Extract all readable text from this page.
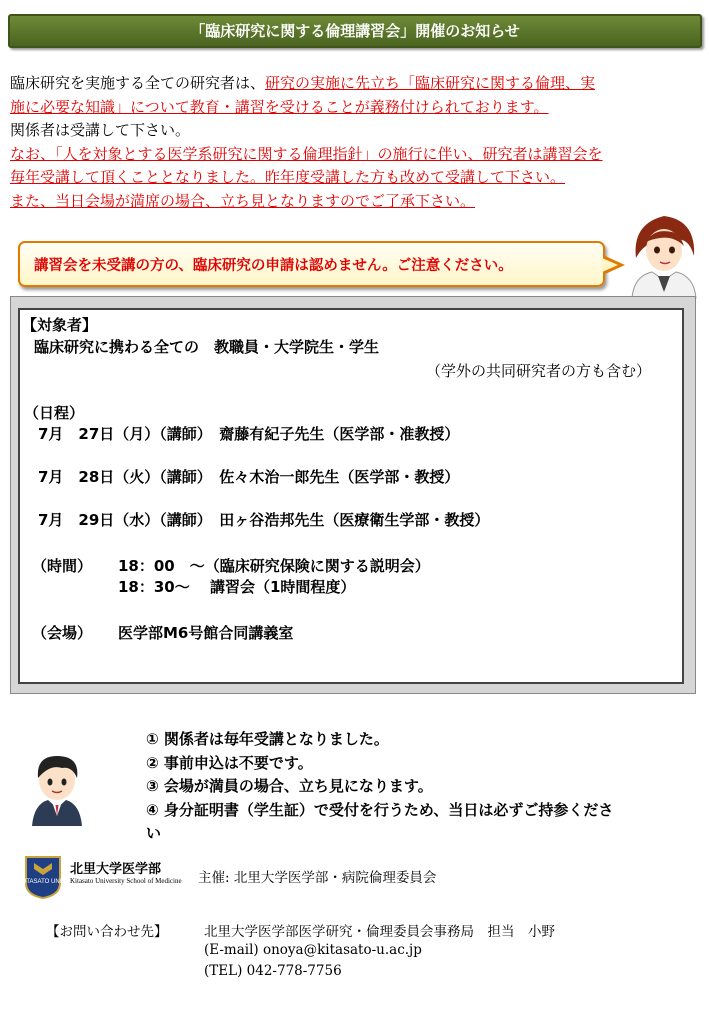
「臨床研究に関する倫理講習会」開催のお知らせ
臨床研究を実施する全ての研究者は、研究の実施に先立ち「臨床研究に関する倫理、実
施に必要な知識」について教育・講習を受けることが義務付けられております。
関係者は受講して下さい。
なお、「人を対象とする医学系研究に関する倫理指針」の施行に伴い、研究者は講習会を
毎年受講して頂くこととなりました。昨年度受講した方も改めて受講して下さい。
また、当日会場が満席の場合、立ち見となりますのでご了承下さい。
講習会を未受講の方の、臨床研究の申請は認めません。ご注意ください。
【対象者】
臨床研究に携わる全ての　教職員・大学院生・学生
（学外の共同研究者の方も含む）
（日程）
7月　27日（月）（講師）　齋藤有紀子先生（医学部・准教授）
7月　28日（火）（講師）　佐々木治一郎先生（医学部・教授）
7月　29日（水）（講師）　田ヶ谷浩邦先生（医療衛生学部・教授）
（時間） 18：00　～（臨床研究保険に関する説明会）
18：30～　 講習会（1時間程度）
（会場） 医学部M6号館合同講義室
① 関係者は毎年受講となりました。
② 事前申込は不要です。
③ 会場が満員の場合、立ち見になります。
④ 身分証明書（学生証）で受付を行うため、当日は必ずご持参くださ
い
KITASATO UNIV
北里大学医学部
Kitasato University School of Medicine 主催: 北里大学医学部・病院倫理委員会
【お問い合わせ先】	北里大学医学部医学研究・倫理委員会事務局　担当　小野
(E-mail) onoya@kitasato-u.ac.jp
(TEL) 042-778-7756
